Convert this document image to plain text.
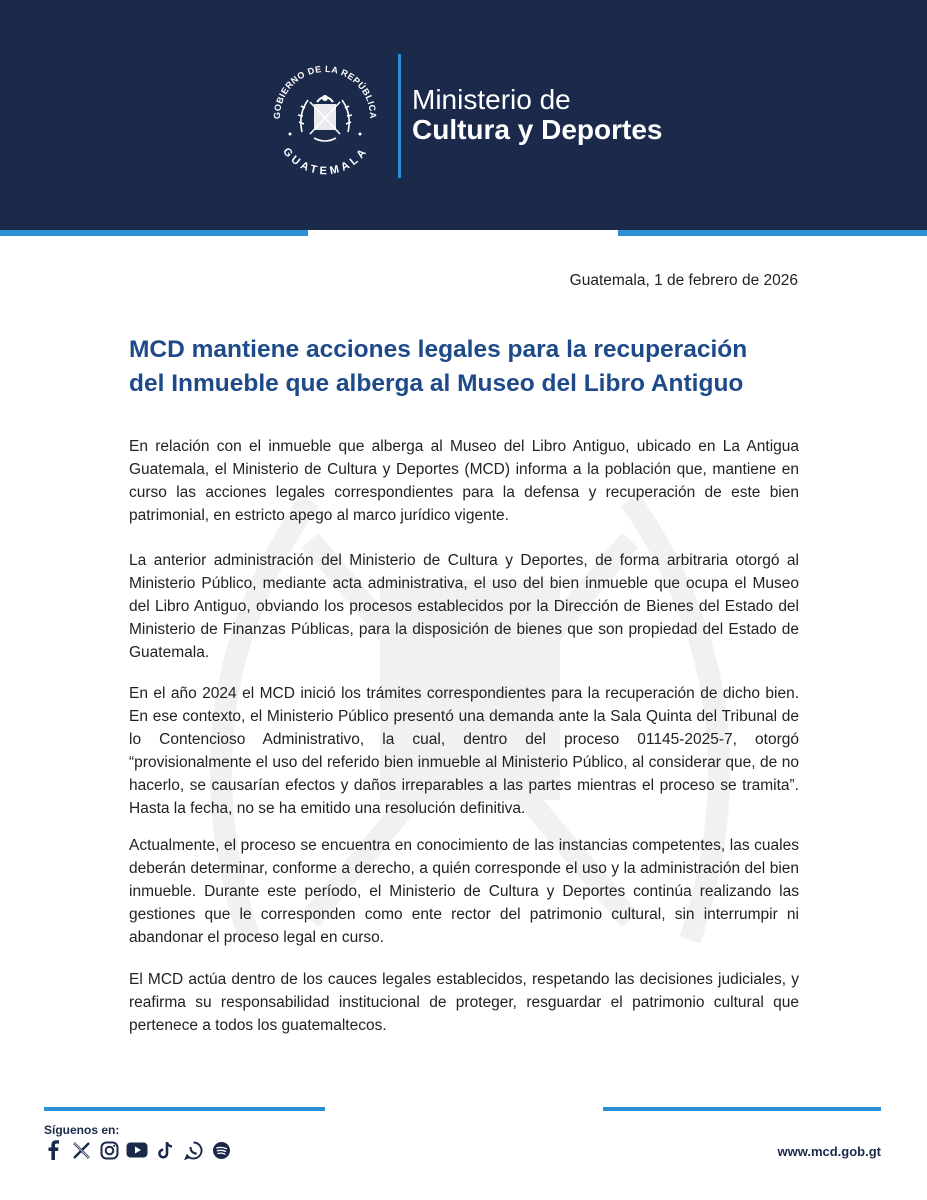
GOBIERNO DE LA REPÚBLICA
GUATEMALA
Ministerio de
Cultura y Deportes
Guatemala, 1 de febrero de 2026
MCD mantiene acciones legales para la recuperación
del Inmueble que alberga al Museo del Libro Antiguo

En relación con el inmueble que alberga al Museo del Libro Antiguo, ubicado en La Antigua Guatemala, el Ministerio de Cultura y Deportes (MCD) informa a la población que, mantiene en curso las acciones legales correspondientes para la defensa y recuperación de este bien patrimonial, en estricto apego al marco jurídico vigente.

La anterior administración del Ministerio de Cultura y Deportes, de forma arbitraria otorgó al Ministerio Público, mediante acta administrativa, el uso del bien inmueble que ocupa el Museo del Libro Antiguo, obviando los procesos establecidos por la Dirección de Bienes del Estado del Ministerio de Finanzas Públicas, para la disposición de bienes que son propiedad del Estado de Guatemala.

En el año 2024 el MCD inició los trámites correspondientes para la recuperación de dicho bien. En ese contexto, el Ministerio Público presentó una demanda ante la Sala Quinta del Tribunal de lo Contencioso Administrativo, la cual, dentro del proceso 01145-2025-7, otorgó “provisionalmente el uso del referido bien inmueble al Ministerio Público, al considerar que, de no hacerlo, se causarían efectos y daños irreparables a las partes mientras el proceso se tramita”. Hasta la fecha, no se ha emitido una resolución definitiva.

Actualmente, el proceso se encuentra en conocimiento de las instancias competentes, las cuales deberán determinar, conforme a derecho, a quién corresponde el uso y la administración del bien inmueble. Durante este período, el Ministerio de Cultura y Deportes continúa realizando las gestiones que le corresponden como ente rector del patrimonio cultural, sin interrumpir ni abandonar el proceso legal en curso.

El MCD actúa dentro de los cauces legales establecidos, respetando las decisiones judiciales, y reafirma su responsabilidad institucional de proteger, resguardar el patrimonio cultural que pertenece a todos los guatemaltecos.

Síguenos en:
www.mcd.gob.gt
